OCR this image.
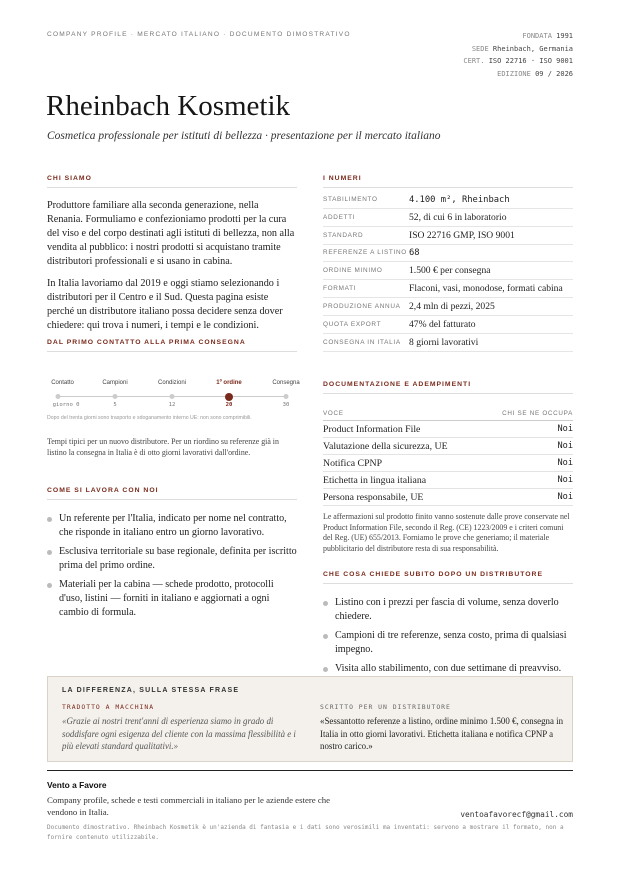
COMPANY PROFILE · MERCATO ITALIANO · DOCUMENTO DIMOSTRATIVO	FONDATA 1991
SEDE Rheinbach, Germania
CERT. ISO 22716 · ISO 9001
EDIZIONE 09 / 2026
Rheinbach Kosmetik
Cosmetica professionale per istituti di bellezza · presentazione per il mercato italiano
CHI SIAMO

Produttore familiare alla seconda generazione, nella Renania. Formuliamo e confezioniamo prodotti per la cura del viso e del corpo destinati agli istituti di bellezza, non alla vendita al pubblico: i nostri prodotti si acquistano tramite distributori professionali e si usano in cabina.

In Italia lavoriamo dal 2019 e oggi stiamo selezionando i distributori per il Centro e il Sud. Questa pagina esiste perché un distributore italiano possa decidere senza dover chiedere: qui trova i numeri, i tempi e le condizioni.

DAL PRIMO CONTATTO ALLA PRIMA CONSEGNA
Contatto	Campioni	Condizioni	1º ordine	Consegna
giorno 0	5	12	20	30
Dopo del trenta giorni sono trasporto e sdoganamento interno UE: non sono comprimibili.

Tempi tipici per un nuovo distributore. Per un riordino su referenze già in listino la consegna in Italia è di otto giorni lavorativi dall'ordine.

COME SI LAVORA CON NOI
Un referente per l'Italia, indicato per nome nel contratto, che risponde in italiano entro un giorno lavorativo.
Esclusiva territoriale su base regionale, definita per iscritto prima del primo ordine.
Materiali per la cabina — schede prodotto, protocolli d'uso, listini — forniti in italiano e aggiornati a ogni cambio di formula.
I NUMERI
STABILIMENTO	4.100 m², Rheinbach
ADDETTI	52, di cui 6 in laboratorio
STANDARD	ISO 22716 GMP, ISO 9001
REFERENZE A LISTINO	68
ORDINE MINIMO	1.500 € per consegna
FORMATI	Flaconi, vasi, monodose, formati cabina
PRODUZIONE ANNUA	2,4 mln di pezzi, 2025
QUOTA EXPORT	47% del fatturato
CONSEGNA IN ITALIA	8 giorni lavorativi
DOCUMENTAZIONE E ADEMPIMENTI
VOCE	CHI SE NE OCCUPA
Product Information File	Noi
Valutazione della sicurezza, UE	Noi
Notifica CPNP	Noi
Etichetta in lingua italiana	Noi
Persona responsabile, UE	Noi

Le affermazioni sul prodotto finito vanno sostenute dalle prove conservate nel Product Information File, secondo il Reg. (CE) 1223/2009 e i criteri comuni del Reg. (UE) 655/2013. Forniamo le prove che generiamo; il materiale pubblicitario del distributore resta di sua responsabilità.

CHE COSA CHIEDE SUBITO DOPO UN DISTRIBUTORE
Listino con i prezzi per fascia di volume, senza doverlo chiedere.
Campioni di tre referenze, senza costo, prima di qualsiasi impegno.
Visita allo stabilimento, con due settimane di preavviso.
LA DIFFERENZA, SULLA STESSA FRASE
TRADOTTO A MACCHINA
«Grazie ai nostri trent'anni di esperienza siamo in grado di soddisfare ogni esigenza del cliente con la massima flessibilità e i più elevati standard qualitativi.»
SCRITTO PER UN DISTRIBUTORE
«Sessantotto referenze a listino, ordine minimo 1.500 €, consegna in Italia in otto giorni lavorativi. Etichetta italiana e notifica CPNP a nostro carico.»
Vento a Favore
Company profile, schede e testi commerciali in italiano per le aziende estere che vendono in Italia.	ventoafavorecf@gmail.com
Documento dimostrativo. Rheinbach Kosmetik è un'azienda di fantasia e i dati sono verosimili ma inventati: servono a mostrare il formato, non a fornire contenuto utilizzabile.
